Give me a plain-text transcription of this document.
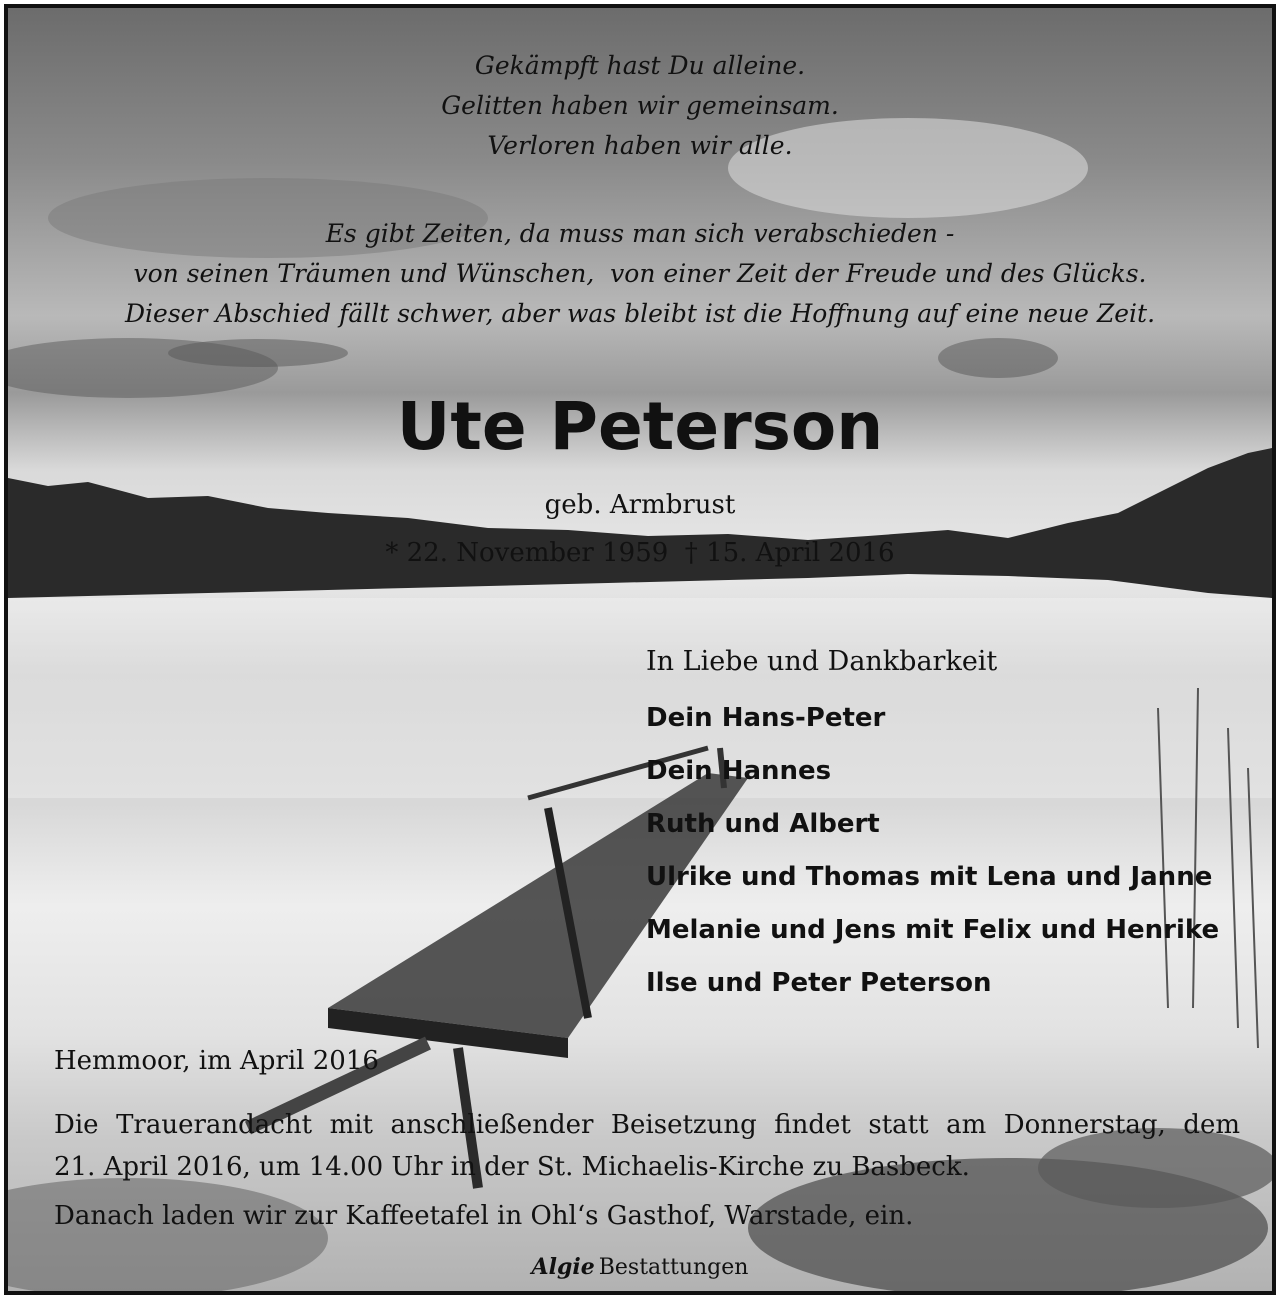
Gekämpft hast Du alleine.
Gelitten haben wir gemeinsam.
Verloren haben wir alle.
Es gibt Zeiten, da muss man sich verabschieden -
von seinen Träumen und Wünschen,  von einer Zeit der Freude und des Glücks.
Dieser Abschied fällt schwer, aber was bleibt ist die Hoffnung auf eine neue Zeit.
Ute Peterson
geb. Armbrust
* 22. November 1959  † 15. April 2016
In Liebe und Dankbarkeit
Dein Hans-Peter
Dein Hannes
Ruth und Albert
Ulrike und Thomas mit Lena und Janne
Melanie und Jens mit Felix und Henrike
Ilse und Peter Peterson
Hemmoor, im April 2016
Die Trauerandacht mit anschließender Beisetzung findet statt am Donnerstag, dem
21. April 2016, um 14.00 Uhr in der St. Michaelis-Kirche zu Basbeck.
Danach laden wir zur Kaffeetafel in Ohl‘s Gasthof, Warstade, ein.
Algie Bestattungen
